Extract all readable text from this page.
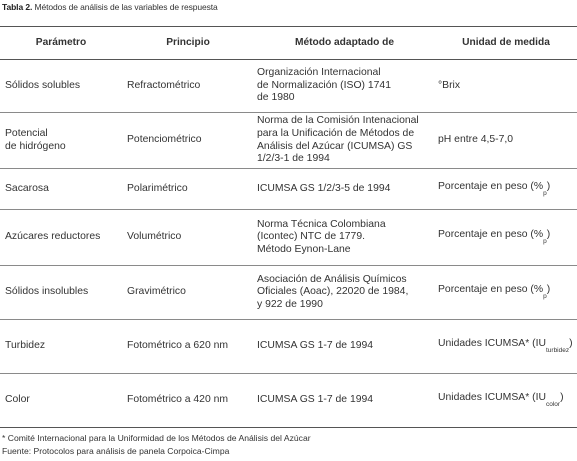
Tabla 2. Métodos de análisis de las variables de respuesta
Parámetro	Principio	Método adaptado de	Unidad de medida

Sólidos solubles	Refractométrico	Organización Internacional
de Normalización (ISO) 1741
de 1980	°Brix

Potencial
de hidrógeno	Potenciométrico	Norma de la Comisión Intenacional
para la Unificación de Métodos de
Análisis del Azúcar (ICUMSA) GS
1/2/3-1 de 1994	pH entre 4,5-7,0

Sacarosa	Polarimétrico	ICUMSA GS 1/2/3-5 de 1994	Porcentaje en peso $(\%_p)$

Azúcares reductores	Volumétrico	Norma Técnica Colombiana
(Icontec) NTC de 1779.
Método Eynon-Lane	Porcentaje en peso $(\%_p)$

Sólidos insolubles	Gravimétrico	Asociación de Análisis Químicos
Oficiales (Aoac), 22020 de 1984,
y 922 de 1990	Porcentaje en peso $(\%_p)$

Turbidez	Fotométrico a 620 nm	ICUMSA GS 1-7 de 1994	Unidades ICUMSA* $(IU_{turbidez})$

Color	Fotométrico a 420 nm	ICUMSA GS 1-7 de 1994	Unidades ICUMSA* $(IU_{color})$
* Comité Internacional para la Uniformidad de los Métodos de Análisis del Azúcar
Fuente: Protocolos para análisis de panela Corpoica-Cimpa
